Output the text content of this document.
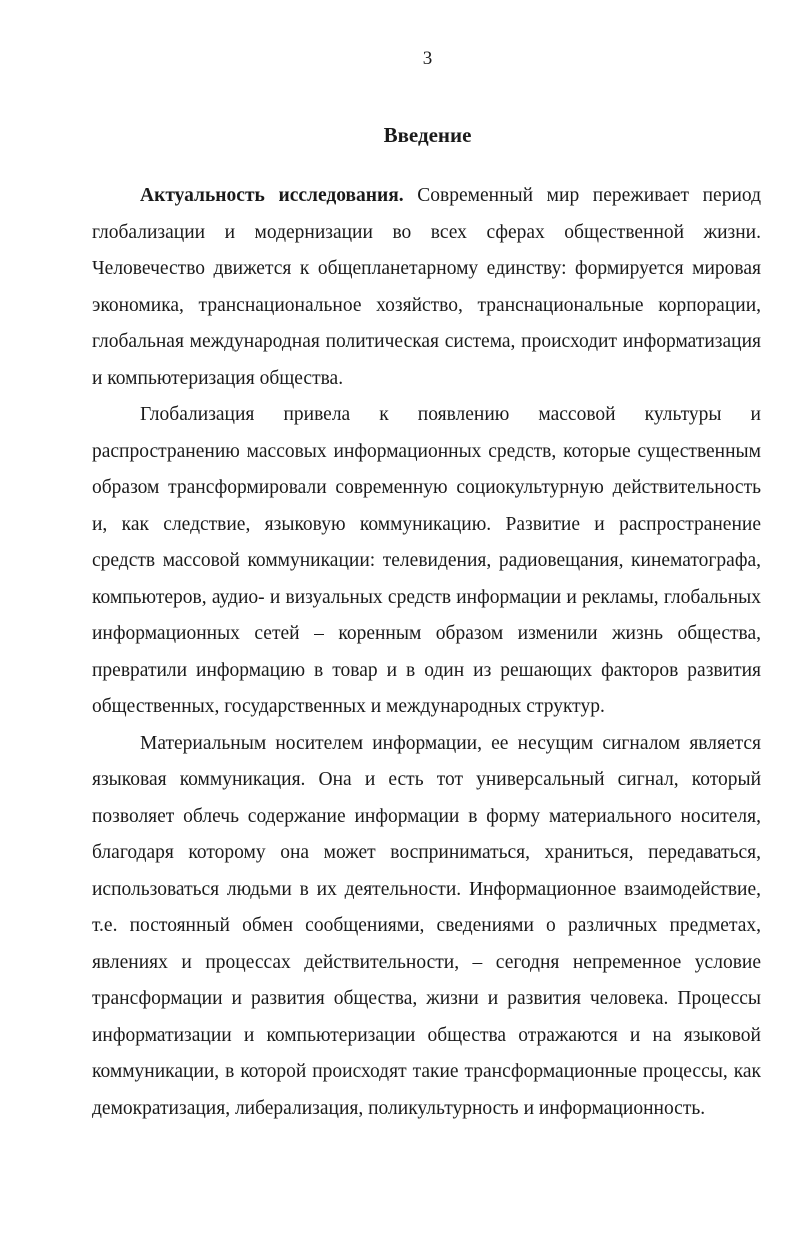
3
Введение

Актуальность исследования. Современный мир переживает период глобализации и модернизации во всех сферах общественной жизни. Человечество движется к общепланетарному единству: формируется мировая экономика, транснациональное хозяйство, транснациональные корпорации, глобальная международная политическая система, происходит информатизация и компьютеризация общества.

Глобализация привела к появлению массовой культуры и распространению массовых информационных средств, которые существенным образом трансформировали современную социокультурную действительность и, как следствие, языковую коммуникацию. Развитие и распространение средств массовой коммуникации: телевидения, радиовещания, кинематографа, компьютеров, аудио- и визуальных средств информации и рекламы, глобальных информационных сетей – коренным образом изменили жизнь общества, превратили информацию в товар и в один из решающих факторов развития общественных, государственных и международных структур.

Материальным носителем информации, ее несущим сигналом является языковая коммуникация. Она и есть тот универсальный сигнал, который позволяет облечь содержание информации в форму материального носителя, благодаря которому она может восприниматься, храниться, передаваться, использоваться людьми в их деятельности. Информационное взаимодействие, т.е. постоянный обмен сообщениями, сведениями о различных предметах, явлениях и процессах действительности, – сегодня непременное условие трансформации и развития общества, жизни и развития человека. Процессы информатизации и компьютеризации общества отражаются и на языковой коммуникации, в которой происходят такие трансформационные процессы, как демократизация, либерализация, поликультурность и информационность.
